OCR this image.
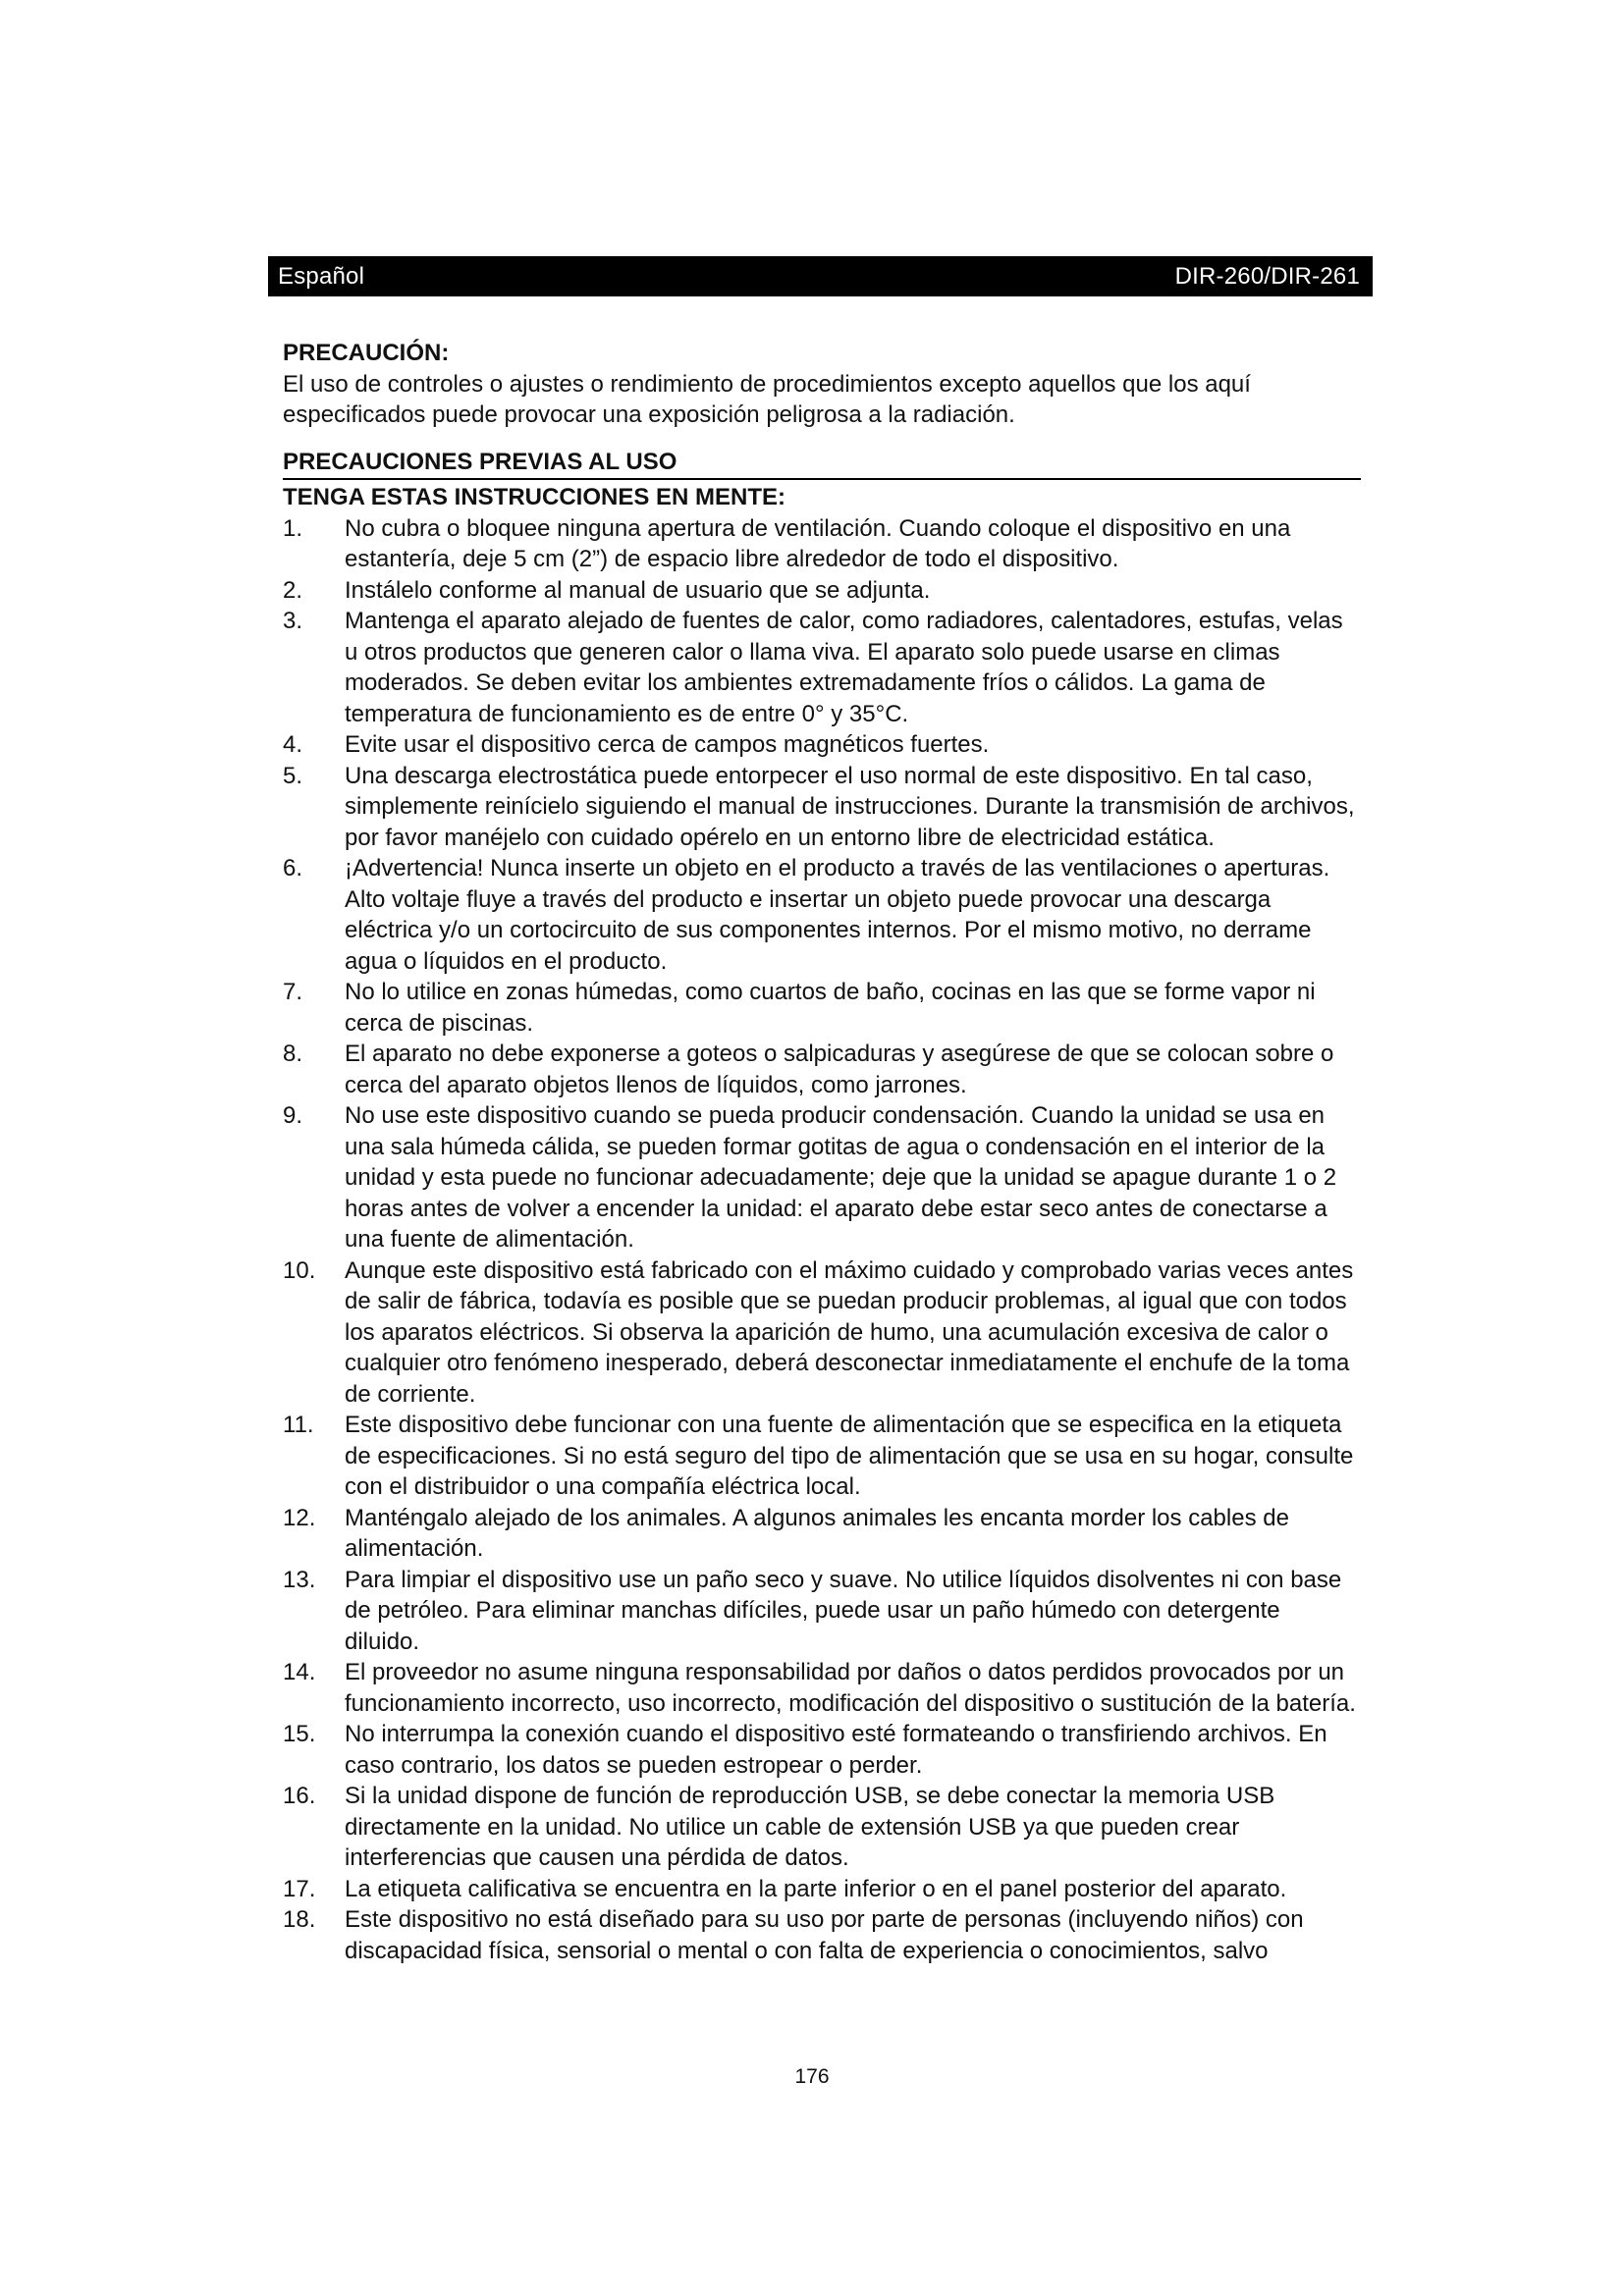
Español	DIR-260/DIR-261

PRECAUCIÓN:

El uso de controles o ajustes o rendimiento de procedimientos excepto aquellos que los aquí especificados puede provocar una exposición peligrosa a la radiación.

PRECAUCIONES PREVIAS AL USO

TENGA ESTAS INSTRUCCIONES EN MENTE:

1. No cubra o bloquee ninguna apertura de ventilación. Cuando coloque el dispositivo en una estantería, deje 5 cm (2”) de espacio libre alrededor de todo el dispositivo.
2. Instálelo conforme al manual de usuario que se adjunta.
3. Mantenga el aparato alejado de fuentes de calor, como radiadores, calentadores, estufas, velas u otros productos que generen calor o llama viva. El aparato solo puede usarse en climas moderados. Se deben evitar los ambientes extremadamente fríos o cálidos. La gama de temperatura de funcionamiento es de entre 0° y 35°C.
4. Evite usar el dispositivo cerca de campos magnéticos fuertes.
5. Una descarga electrostática puede entorpecer el uso normal de este dispositivo. En tal caso, simplemente reinícielo siguiendo el manual de instrucciones. Durante la transmisión de archivos, por favor manéjelo con cuidado opérelo en un entorno libre de electricidad estática.
6. ¡Advertencia! Nunca inserte un objeto en el producto a través de las ventilaciones o aperturas. Alto voltaje fluye a través del producto e insertar un objeto puede provocar una descarga eléctrica y/o un cortocircuito de sus componentes internos. Por el mismo motivo, no derrame agua o líquidos en el producto.
7. No lo utilice en zonas húmedas, como cuartos de baño, cocinas en las que se forme vapor ni cerca de piscinas.
8. El aparato no debe exponerse a goteos o salpicaduras y asegúrese de que se colocan sobre o cerca del aparato objetos llenos de líquidos, como jarrones.
9. No use este dispositivo cuando se pueda producir condensación. Cuando la unidad se usa en una sala húmeda cálida, se pueden formar gotitas de agua o condensación en el interior de la unidad y esta puede no funcionar adecuadamente; deje que la unidad se apague durante 1 o 2 horas antes de volver a encender la unidad: el aparato debe estar seco antes de conectarse a una fuente de alimentación.
10. Aunque este dispositivo está fabricado con el máximo cuidado y comprobado varias veces antes de salir de fábrica, todavía es posible que se puedan producir problemas, al igual que con todos los aparatos eléctricos. Si observa la aparición de humo, una acumulación excesiva de calor o cualquier otro fenómeno inesperado, deberá desconectar inmediatamente el enchufe de la toma de corriente.
11. Este dispositivo debe funcionar con una fuente de alimentación que se especifica en la etiqueta de especificaciones. Si no está seguro del tipo de alimentación que se usa en su hogar, consulte con el distribuidor o una compañía eléctrica local.
12. Manténgalo alejado de los animales. A algunos animales les encanta morder los cables de alimentación.
13. Para limpiar el dispositivo use un paño seco y suave. No utilice líquidos disolventes ni con base de petróleo. Para eliminar manchas difíciles, puede usar un paño húmedo con detergente diluido.
14. El proveedor no asume ninguna responsabilidad por daños o datos perdidos provocados por un funcionamiento incorrecto, uso incorrecto, modificación del dispositivo o sustitución de la batería.
15. No interrumpa la conexión cuando el dispositivo esté formateando o transfiriendo archivos. En caso contrario, los datos se pueden estropear o perder.
16. Si la unidad dispone de función de reproducción USB, se debe conectar la memoria USB directamente en la unidad. No utilice un cable de extensión USB ya que pueden crear interferencias que causen una pérdida de datos.
17. La etiqueta calificativa se encuentra en la parte inferior o en el panel posterior del aparato.
18. Este dispositivo no está diseñado para su uso por parte de personas (incluyendo niños) con discapacidad física, sensorial o mental o con falta de experiencia o conocimientos, salvo
176
